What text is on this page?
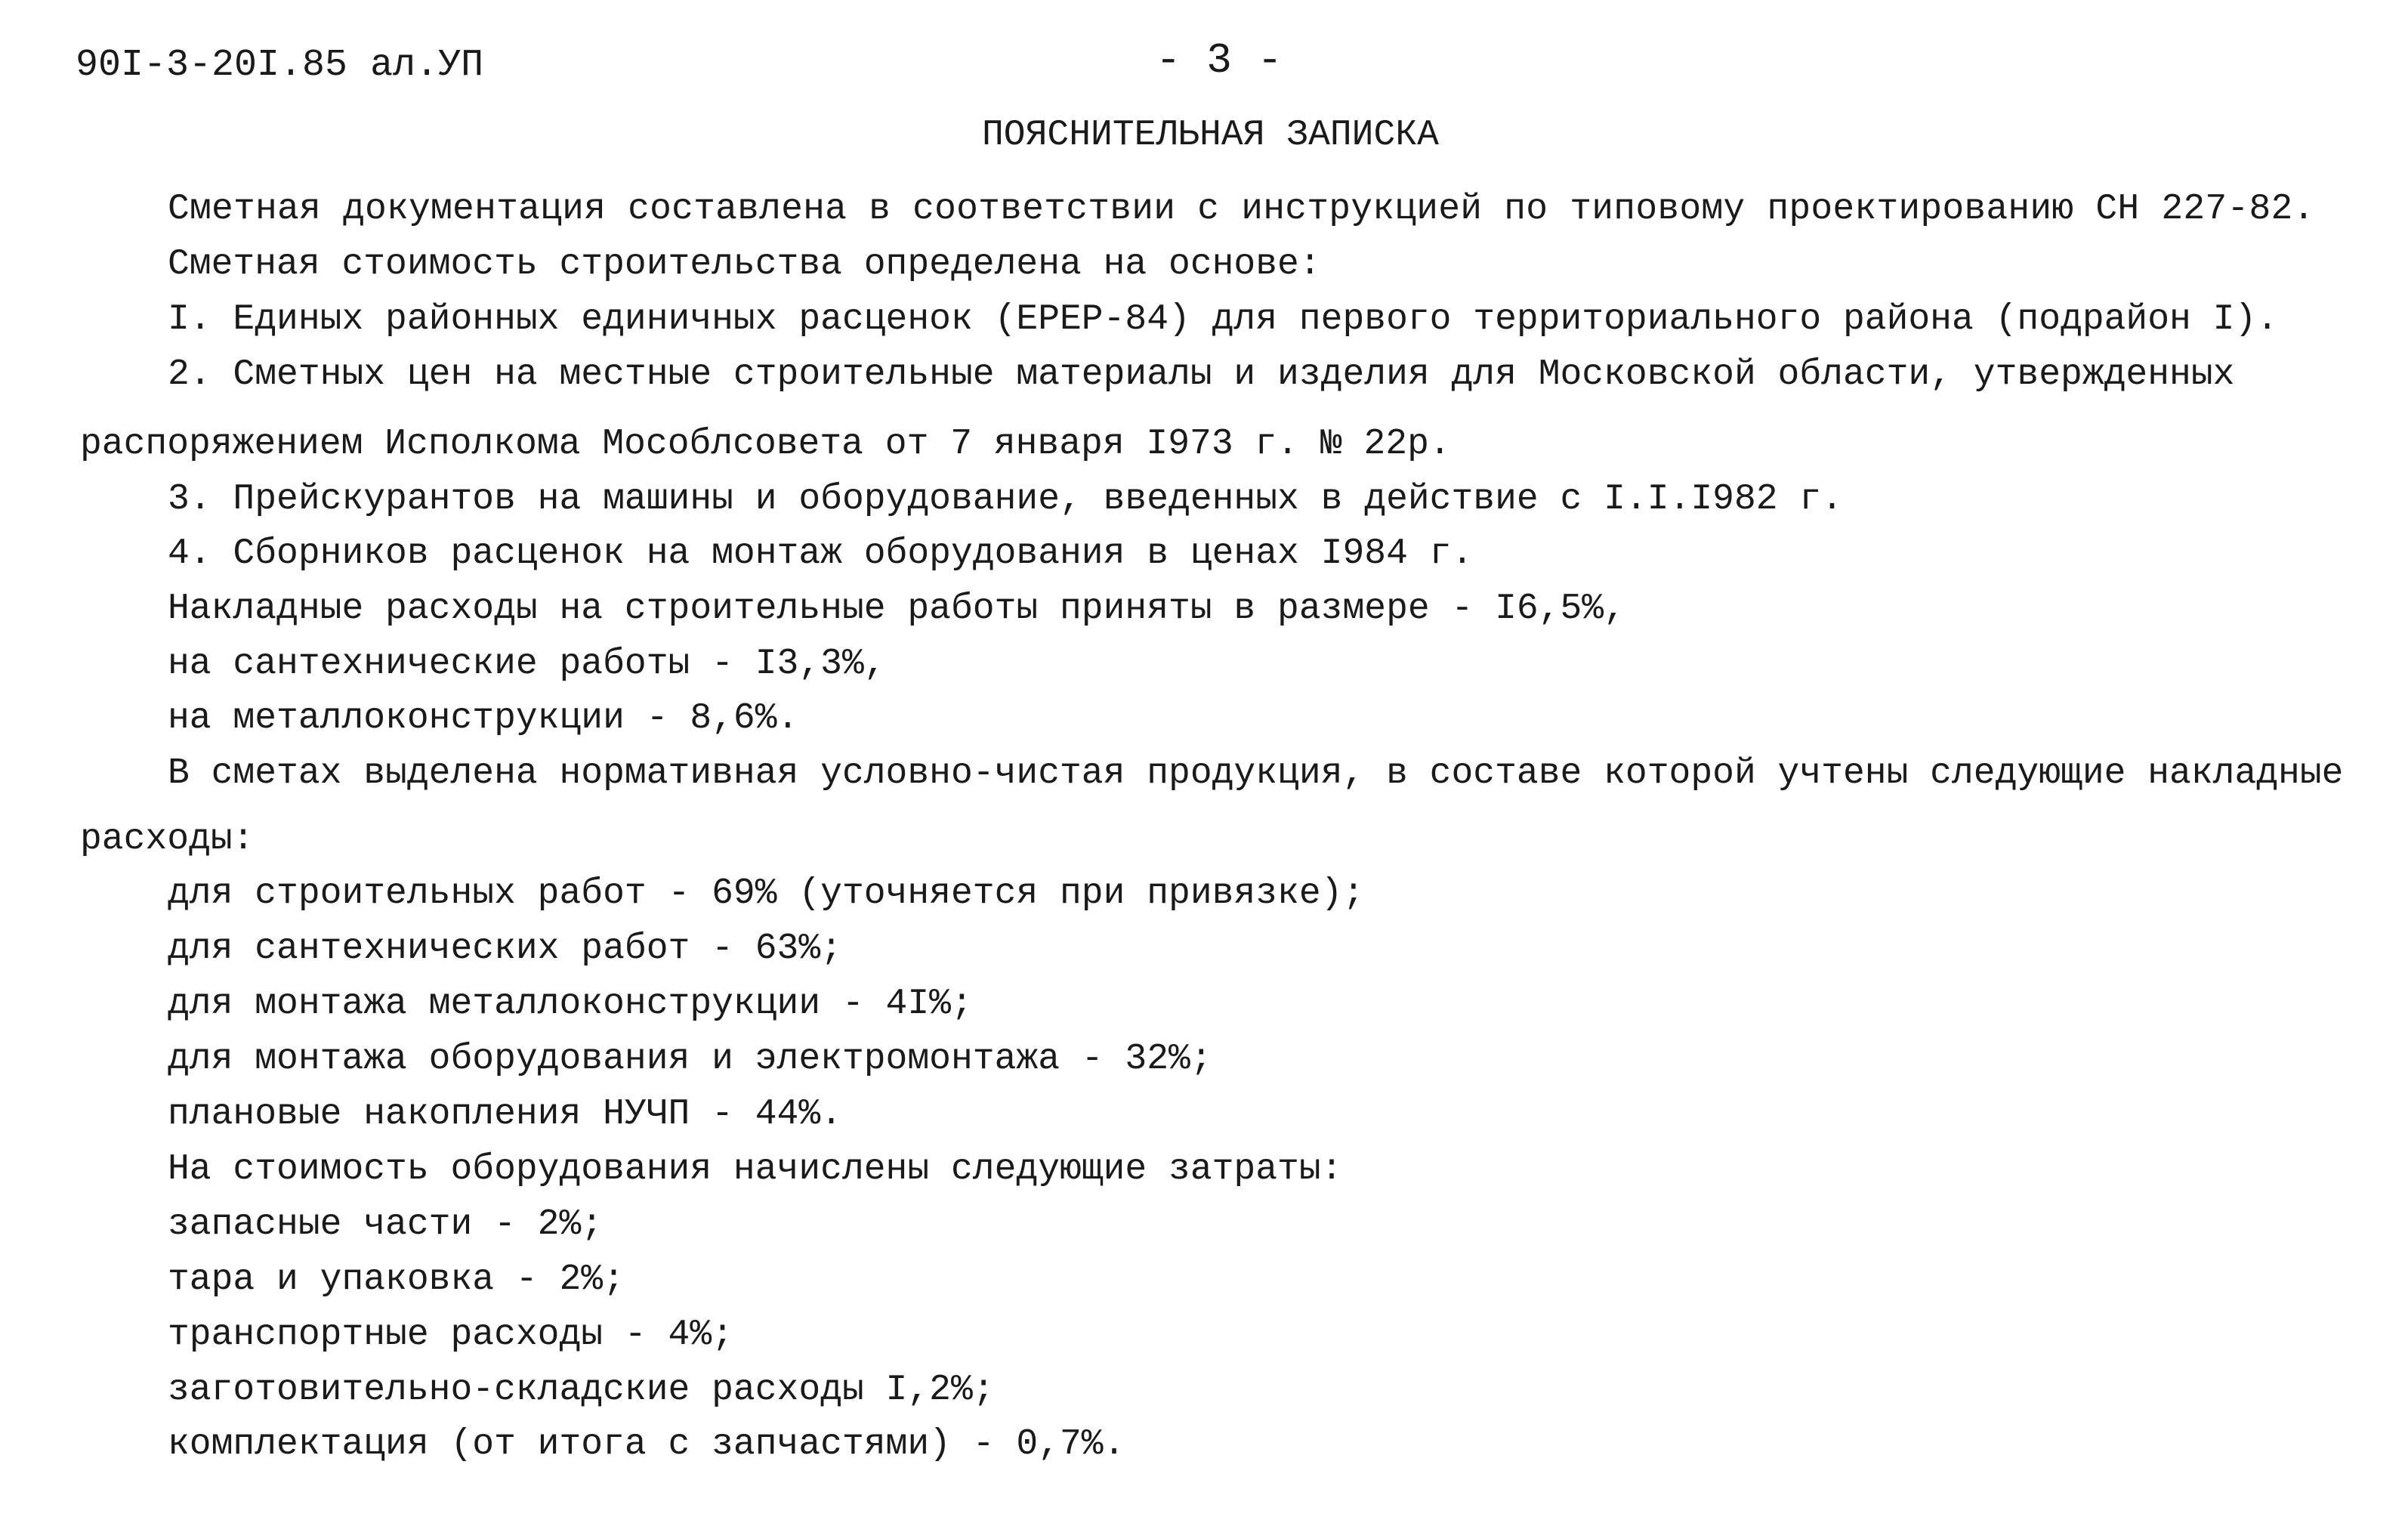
90I-3-20I.85 ал.УП	- 3 -
ПОЯСНИТЕЛЬНАЯ ЗАПИСКА
Сметная документация составлена в соответствии с инструкцией по типовому проектированию СН 227-82.
Сметная стоимость строительства определена на основе:
I. Единых районных единичных расценок (ЕРЕР-84) для первого территориального района (подрайон I).
2. Сметных цен на местные строительные материалы и изделия для Московской области, утвержденных
распоряжением Исполкома Мособлсовета от 7 января I973 г. № 22р.
3. Прейскурантов на машины и оборудование, введенных в действие с I.I.I982 г.
4. Сборников расценок на монтаж оборудования в ценах I984 г.
Накладные расходы на строительные работы приняты в размере - I6,5%,
на сантехнические работы - I3,3%,
на металлоконструкции - 8,6%.
В сметах выделена нормативная условно-чистая продукция, в составе которой учтены следующие накладные
расходы:
для строительных работ - 69% (уточняется при привязке);
для сантехнических работ - 63%;
для монтажа металлоконструкции - 4I%;
для монтажа оборудования и электромонтажа - 32%;
плановые накопления НУЧП - 44%.
На стоимость оборудования начислены следующие затраты:
запасные части - 2%;
тара и упаковка - 2%;
транспортные расходы - 4%;
заготовительно-складские расходы I,2%;
комплектация (от итога с запчастями) - 0,7%.
